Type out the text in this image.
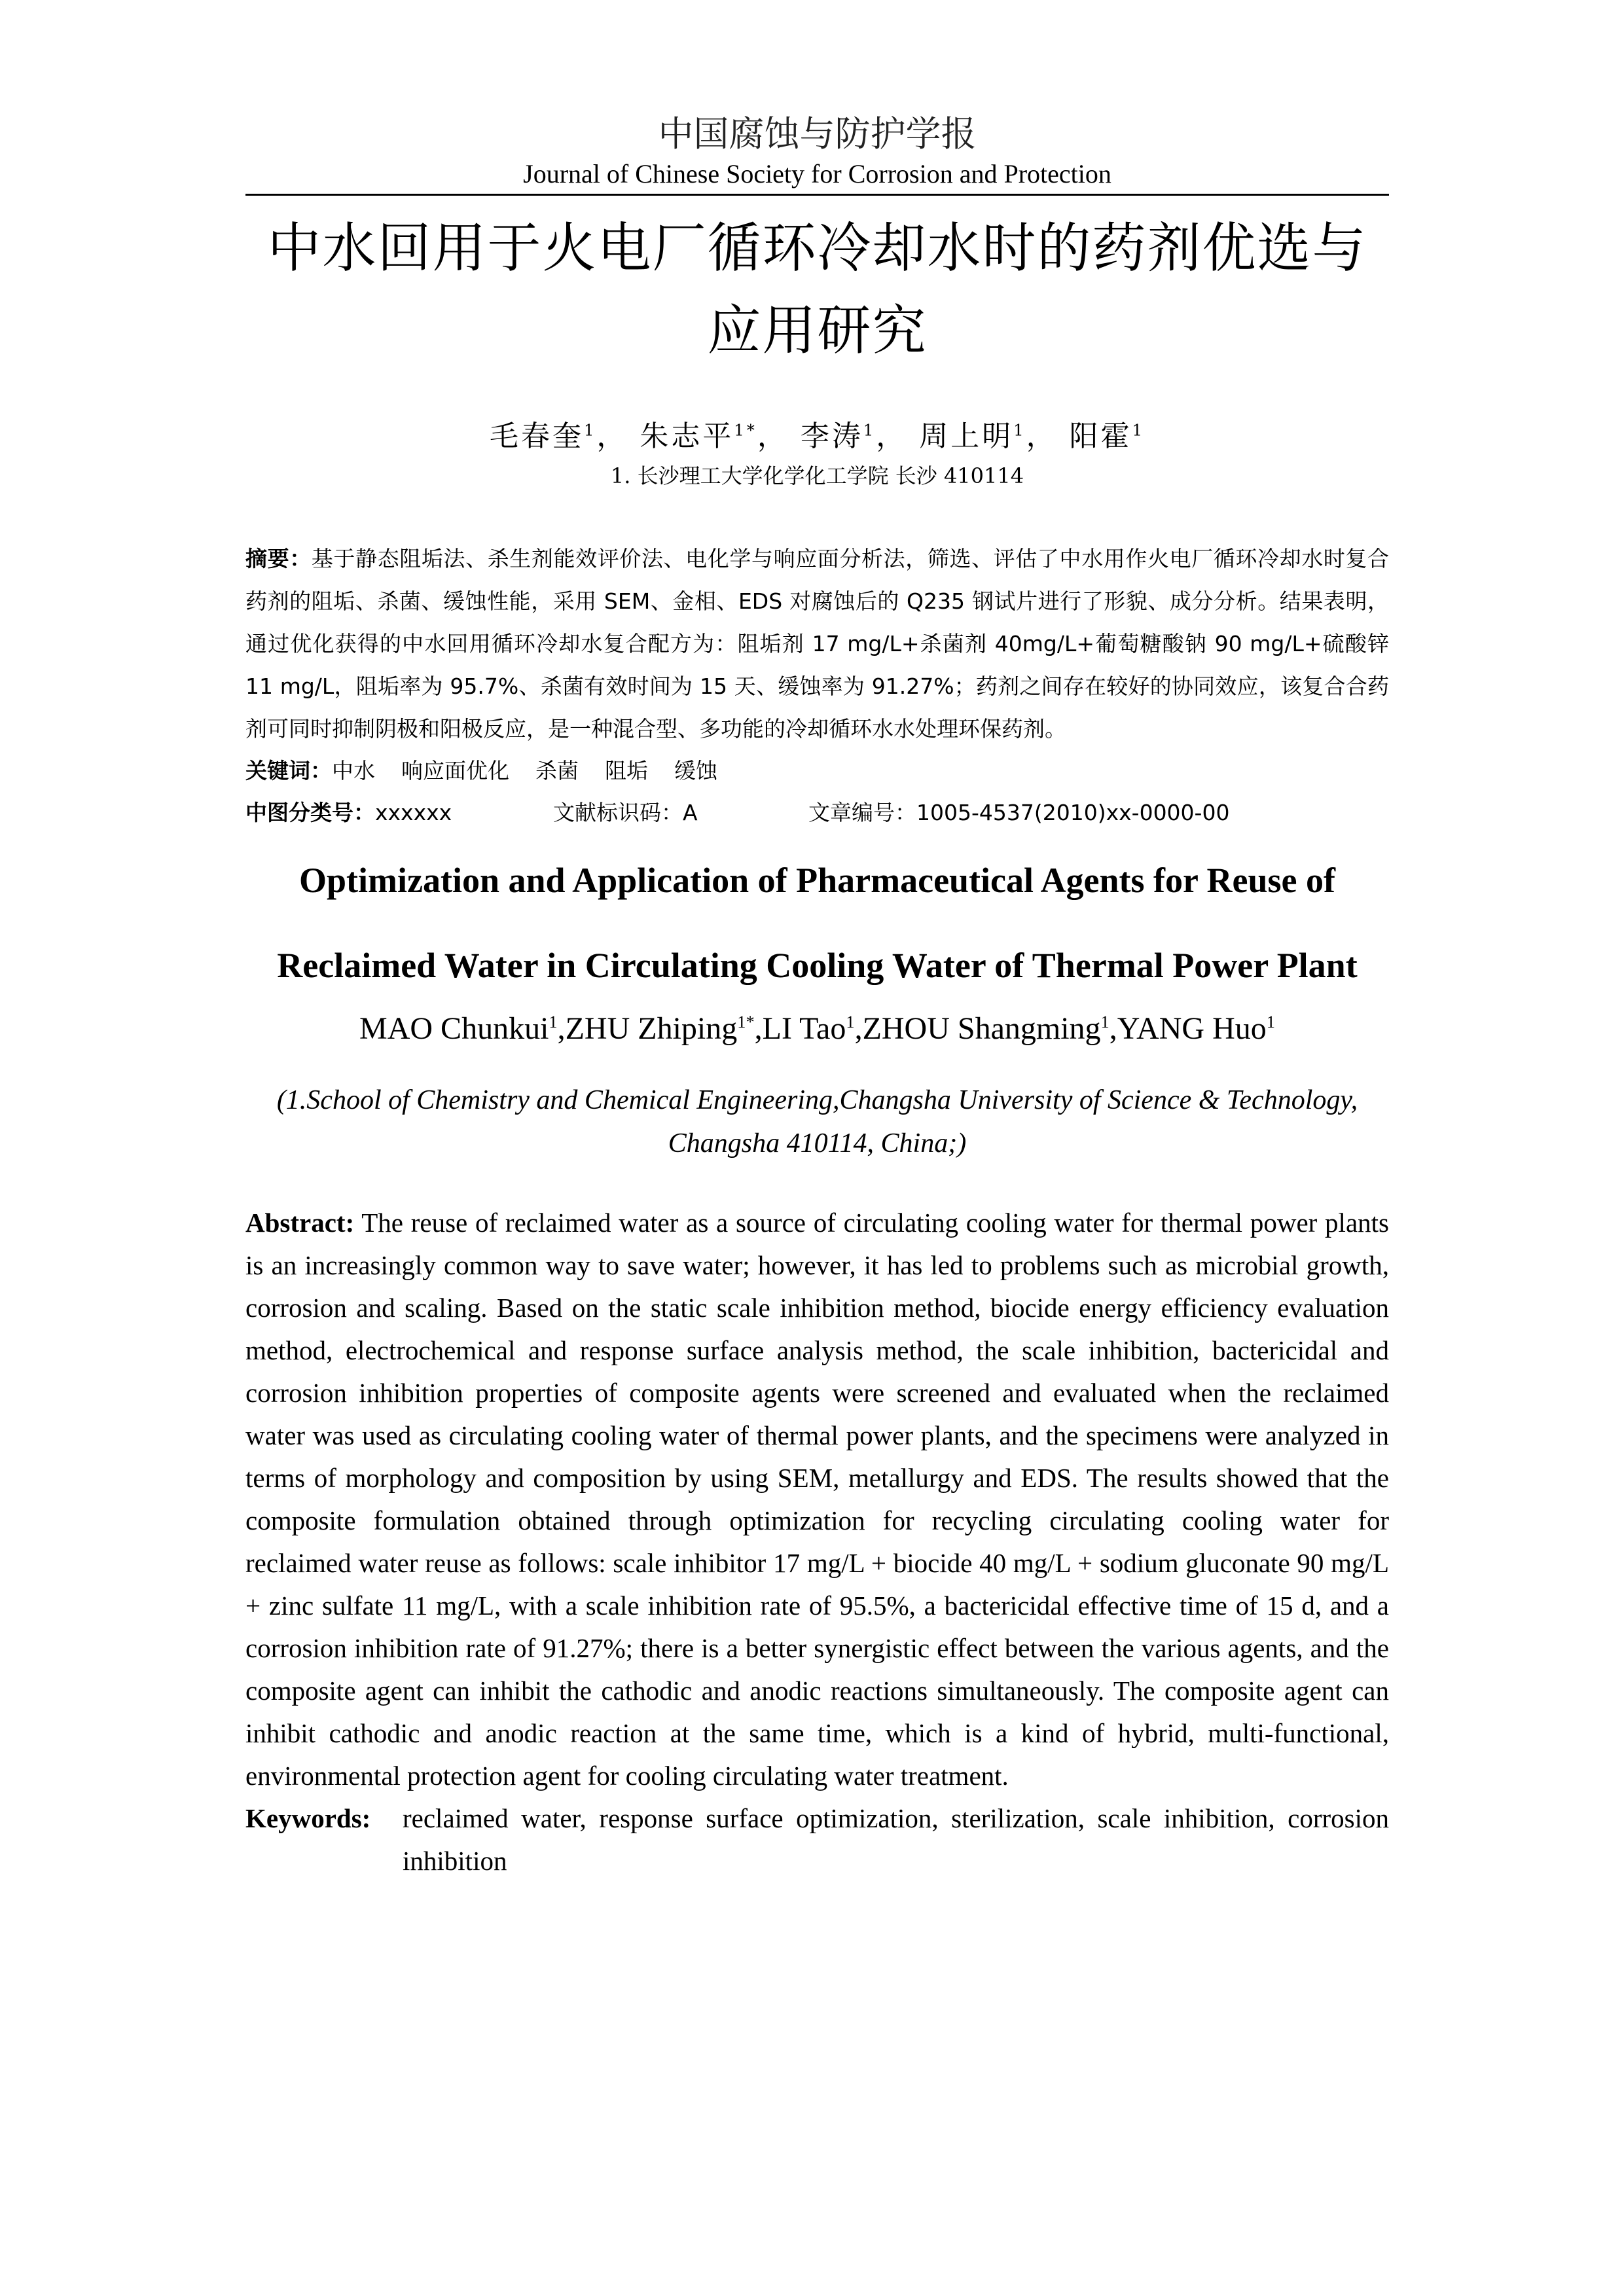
中国腐蚀与防护学报
Journal of Chinese Society for Corrosion and Protection
中水回用于火电厂循环冷却水时的药剂优选与应用研究
毛春奎$^1$， 朱志平$^{1*}$， 李涛$^1$， 周上明$^1$， 阳霍$^1$
1. 长沙理工大学化学化工学院 长沙 410114
摘要：基于静态阻垢法、杀生剂能效评价法、电化学与响应面分析法，筛选、评估了中水用作火电厂循环冷却水时复合药剂的阻垢、杀菌、缓蚀性能，采用 SEM、金相、EDS 对腐蚀后的 Q235 钢试片进行了形貌、成分分析。结果表明，通过优化获得的中水回用循环冷却水复合配方为：阻垢剂 17 mg/L+杀菌剂 40mg/L+葡萄糖酸钠 90 mg/L+硫酸锌 11 mg/L，阻垢率为 95.7%、杀菌有效时间为 15 天、缓蚀率为 91.27%；药剂之间存在较好的协同效应，该复合合药剂可同时抑制阴极和阳极反应，是一种混合型、多功能的冷却循环水水处理环保药剂。
关键词：中水 响应面优化 杀菌 阻垢 缓蚀
中图分类号：xxxxxx	文献标识码：A	文章编号：1005-4537(2010)xx-0000-00
Optimization and Application of Pharmaceutical Agents for Reuse of Reclaimed Water in Circulating Cooling Water of Thermal Power Plant
MAO Chunkui$^1$,ZHU Zhiping$^{1*}$,LI Tao$^1$,ZHOU Shangming$^1$,YANG Huo$^1$
(1.School of Chemistry and Chemical Engineering,Changsha University of Science & Technology, Changsha 410114, China;)
Abstract: The reuse of reclaimed water as a source of circulating cooling water for thermal power plants is an increasingly common way to save water; however, it has led to problems such as microbial growth, corrosion and scaling. Based on the static scale inhibition method, biocide energy efficiency evaluation method, electrochemical and response surface analysis method, the scale inhibition, bactericidal and corrosion inhibition properties of composite agents were screened and evaluated when the reclaimed water was used as circulating cooling water of thermal power plants, and the specimens were analyzed in terms of morphology and composition by using SEM, metallurgy and EDS. The results showed that the composite formulation obtained through optimization for recycling circulating cooling water for reclaimed water reuse as follows: scale inhibitor 17 mg/L + biocide 40 mg/L + sodium gluconate 90 mg/L + zinc sulfate 11 mg/L, with a scale inhibition rate of 95.5%, a bactericidal effective time of 15 d, and a corrosion inhibition rate of 91.27%; there is a better synergistic effect between the various agents, and the composite agent can inhibit the cathodic and anodic reactions simultaneously. The composite agent can inhibit cathodic and anodic reaction at the same time, which is a kind of hybrid, multi-functional, environmental protection agent for cooling circulating water treatment.
Keywords:	reclaimed water, response surface optimization, sterilization, scale inhibition, corrosion inhibition
